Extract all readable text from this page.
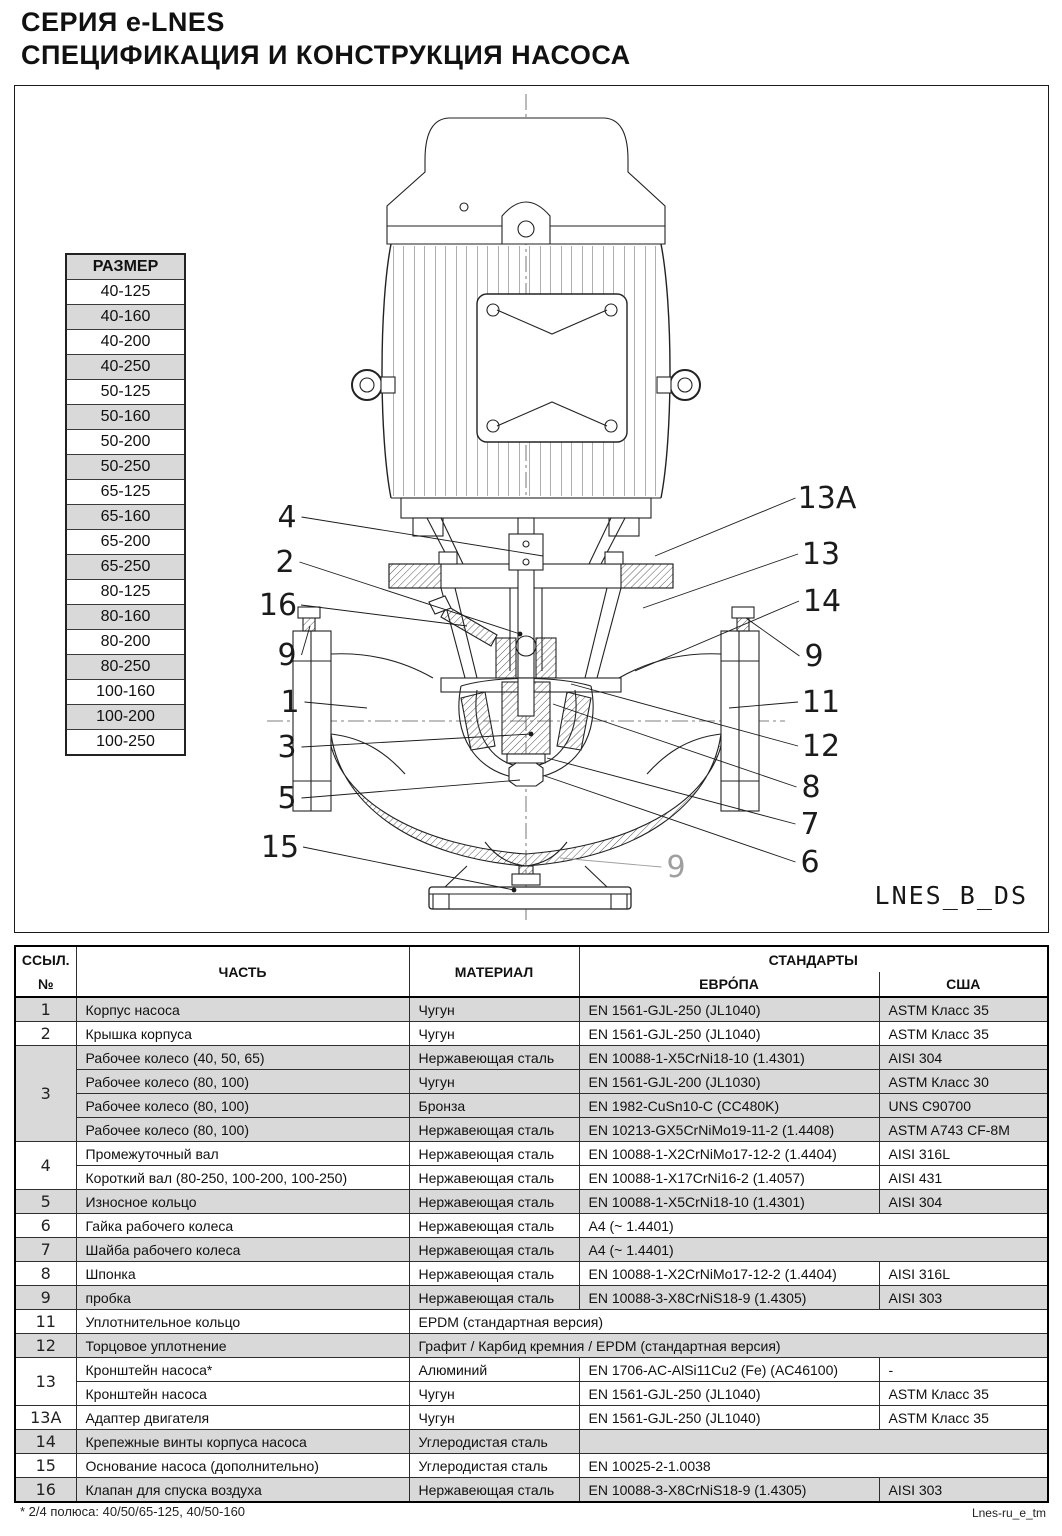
СЕРИЯ e-LNES
СПЕЦИФИКАЦИЯ И КОНСТРУКЦИЯ НАСОСА
4
2
16
9
1
3
5
15
13A
13
14
9
11
12
8
7
6
9
РАЗМЕР
40-125
40-160
40-200
40-250
50-125
50-160
50-200
50-250
65-125
65-160
65-200
65-250
80-125
80-160
80-200
80-250
100-160
100-200
100-250
LNES_B_DS
ССЫЛ.
№	ЧАСТЬ	МАТЕРИАЛ	СТАНДАРТЫ	
			ЕВРО́ПА	США
1	Корпус насоса	Чугун	EN 1561-GJL-250 (JL1040)	ASTM Класс 35
2	Крышка корпуса	Чугун	EN 1561-GJL-250 (JL1040)	ASTM Класс 35
3	Рабочее колесо (40, 50, 65)	Нержавеющая сталь	EN 10088-1-X5CrNi18-10 (1.4301)	AISI 304
	Рабочее колесо (80, 100)	Чугун	EN 1561-GJL-200 (JL1030)	ASTM Класс 30
	Рабочее колесо (80, 100)	Бронза	EN 1982-CuSn10-C (CC480K)	UNS C90700
	Рабочее колесо (80, 100)	Нержавеющая сталь	EN 10213-GX5CrNiMo19-11-2 (1.4408)	ASTM A743 CF-8M
4	Промежуточный вал	Нержавеющая сталь	EN 10088-1-X2CrNiMo17-12-2 (1.4404)	AISI 316L
	Короткий вал (80-250, 100-200, 100-250)	Нержавеющая сталь	EN 10088-1-X17CrNi16-2 (1.4057)	AISI 431
5	Износное кольцо	Нержавеющая сталь	EN 10088-1-X5CrNi18-10 (1.4301)	AISI 304
6	Гайка рабочего колеса	Нержавеющая сталь	A4 (~ 1.4401)	
7	Шайба рабочего колеса	Нержавеющая сталь	A4 (~ 1.4401)	
8	Шпонка	Нержавеющая сталь	EN 10088-1-X2CrNiMo17-12-2 (1.4404)	AISI 316L
9	пробка	Нержавеющая сталь	EN 10088-3-X8CrNiS18-9 (1.4305)	AISI 303
11	Уплотнительное кольцо	EPDM (стандартная версия)		
12	Торцовое уплотнение	Графит / Карбид кремния / EPDM (стандартная версия)		
13	Кронштейн насоса*	Алюминий	EN 1706-AC-AlSi11Cu2 (Fe) (AC46100)	-
	Кронштейн насоса	Чугун	EN 1561-GJL-250 (JL1040)	ASTM Класс 35
13A	Адаптер двигателя	Чугун	EN 1561-GJL-250 (JL1040)	ASTM Класс 35
14	Крепежные винты корпуса насоса	Углеродистая сталь		
15	Основание насоса (дополнительно)	Углеродистая сталь	EN 10025-2-1.0038	
16	Клапан для спуска воздуха	Нержавеющая сталь	EN 10088-3-X8CrNiS18-9 (1.4305)	AISI 303
* 2/4 полюса: 40/50/65-125, 40/50-160	Lnes-ru_e_tm
